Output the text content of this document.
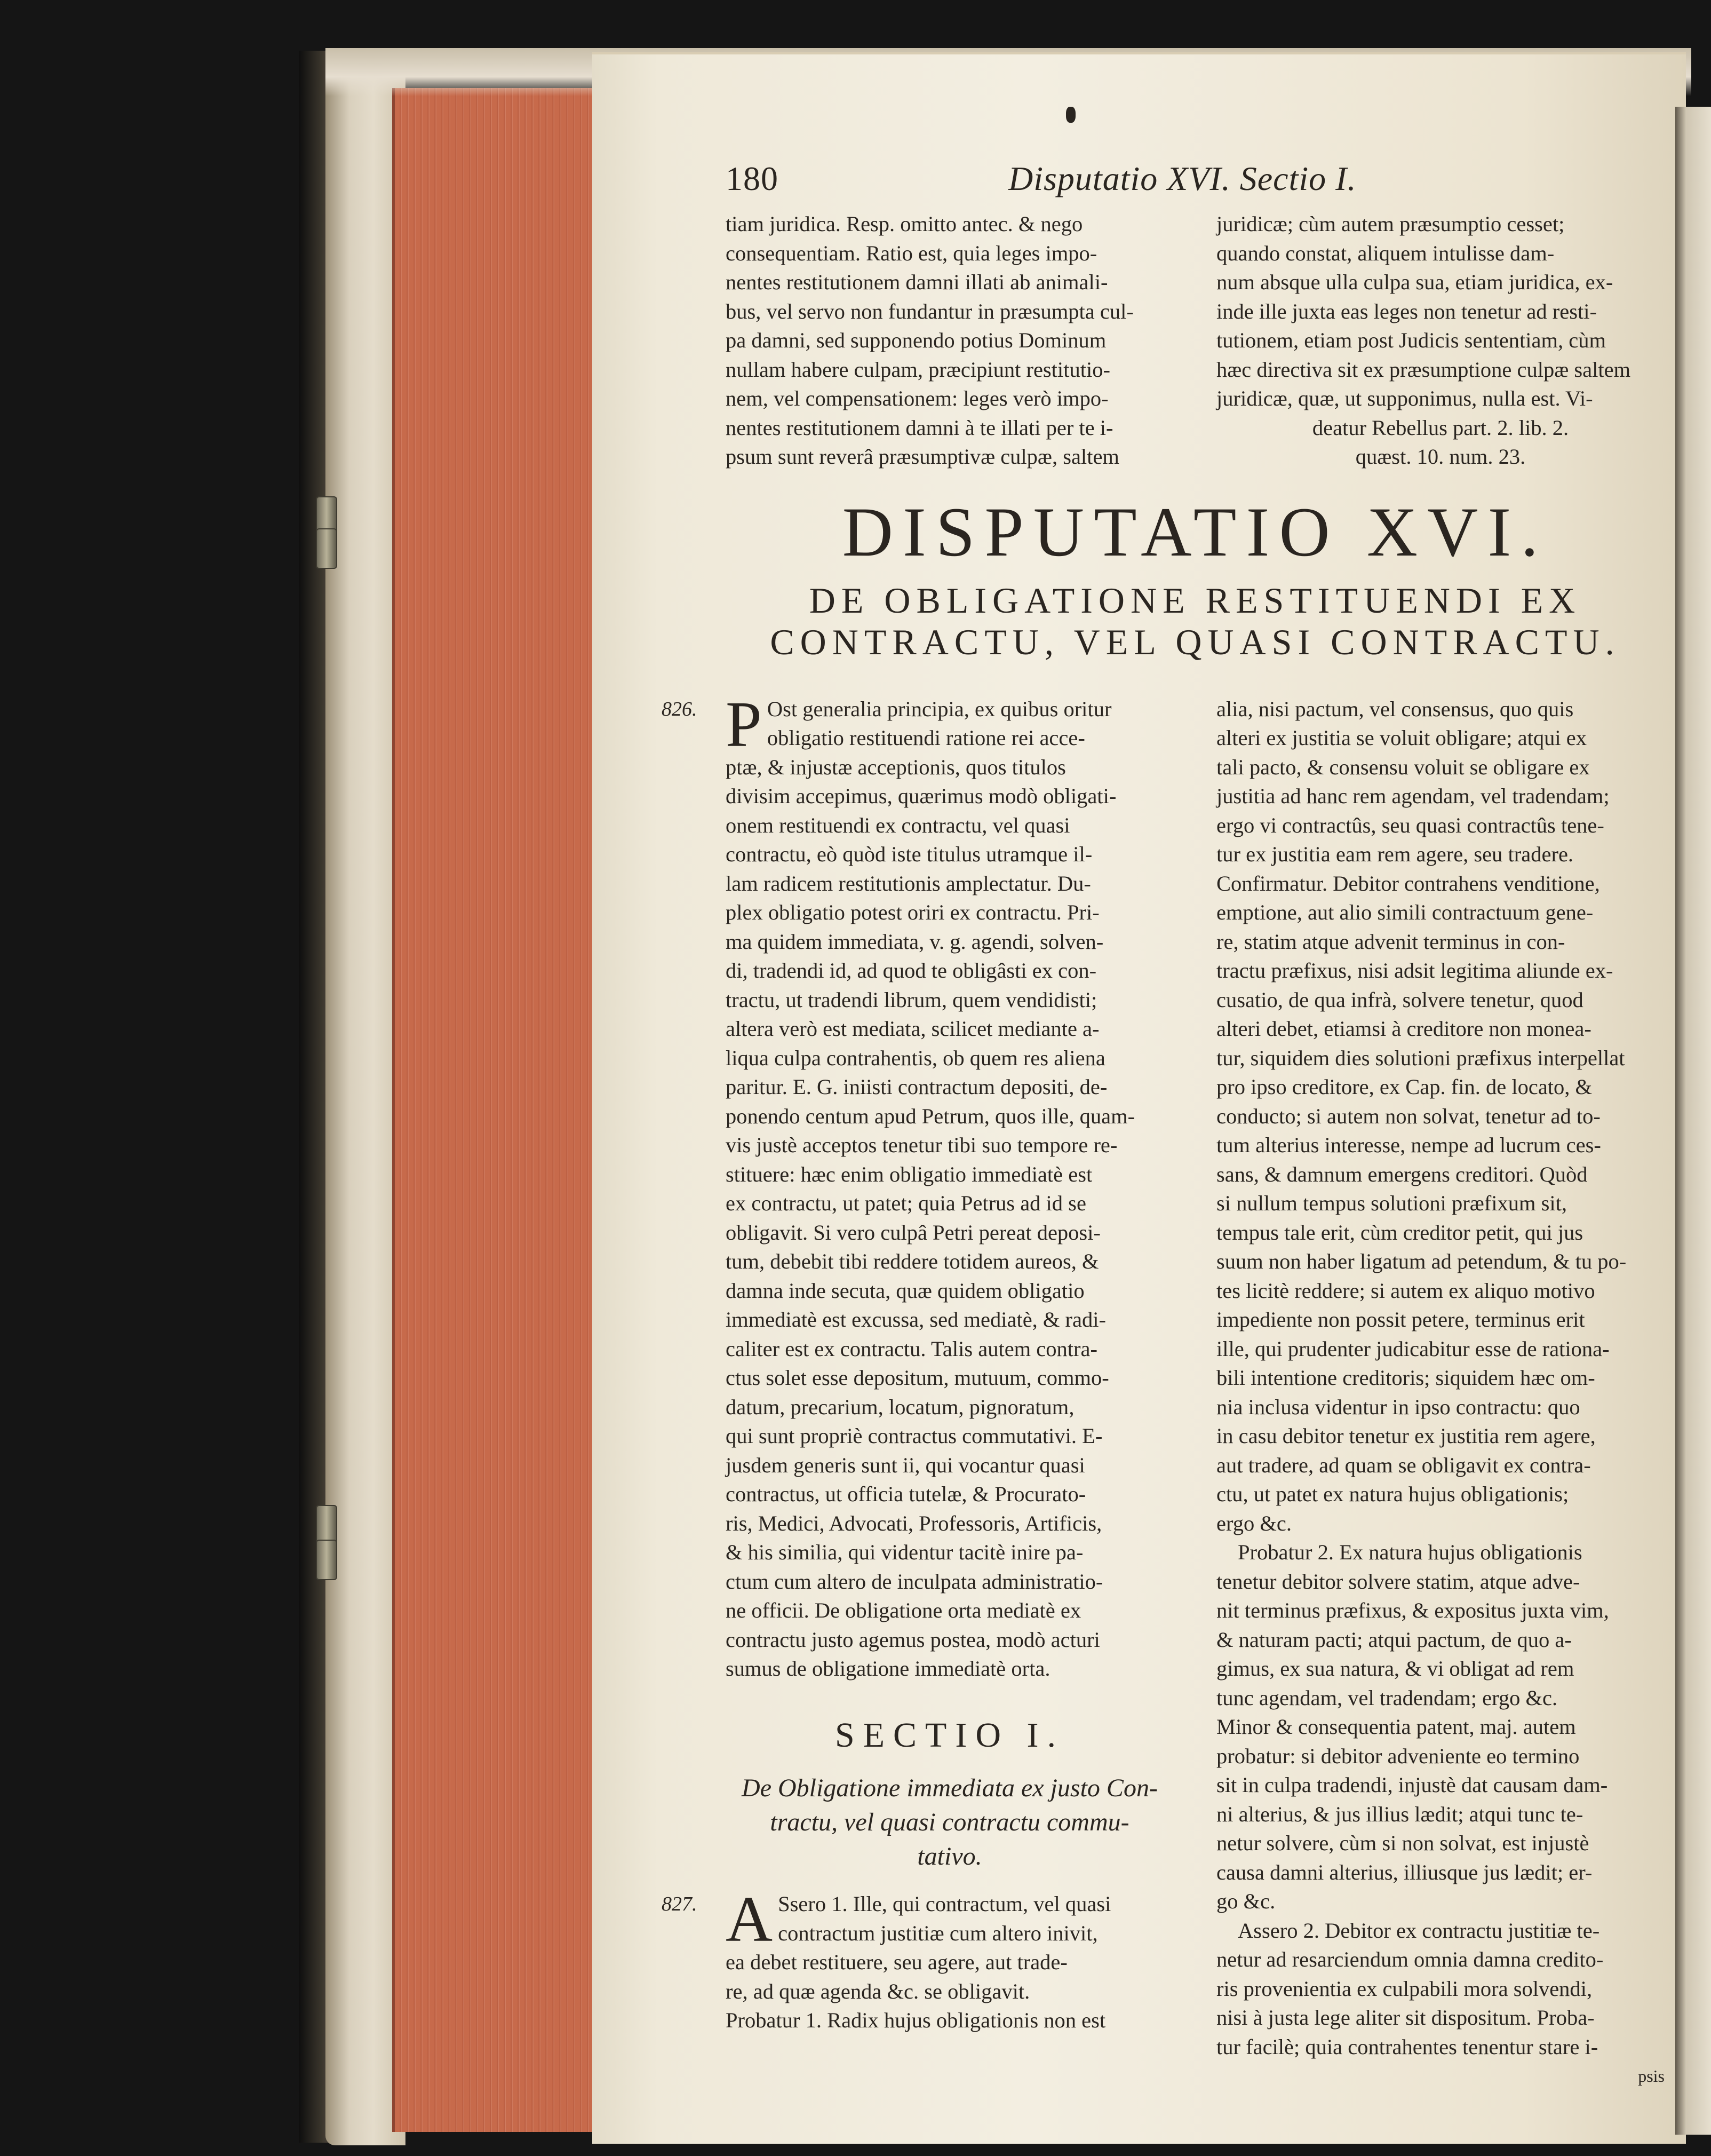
180	Disputatio XVI. Sectio I.
tiam juridica. Resp. omitto antec. & nego
consequentiam. Ratio est, quia leges impo-
nentes restitutionem damni illati ab animali-
bus, vel servo non fundantur in præsumpta cul-
pa damni, sed supponendo potius Dominum
nullam habere culpam, præcipiunt restitutio-
nem, vel compensationem: leges verò impo-
nentes restitutionem damni à te illati per te i-
psum sunt reverâ præsumptivæ culpæ, saltem
juridicæ; cùm autem præsumptio cesset;
quando constat, aliquem intulisse dam-
num absque ulla culpa sua, etiam juridica, ex-
inde ille juxta eas leges non tenetur ad resti-
tutionem, etiam post Judicis sententiam, cùm
hæc directiva sit ex præsumptione culpæ saltem
juridicæ, quæ, ut supponimus, nulla est. Vi-
deatur Rebellus part. 2. lib. 2.
quæst. 10. num. 23.
DISPUTATIO XVI.

DE OBLIGATIONE RESTITUENDI EX

CONTRACTU, VEL QUASI CONTRACTU.

826. P Ost generalia principia, ex quibus oritur
obligatio restituendi ratione rei acce-
ptæ, & injustæ acceptionis, quos titulos
divisim accepimus, quærimus modò obligati-
onem restituendi ex contractu, vel quasi
contractu, eò quòd iste titulus utramque il-
lam radicem restitutionis amplectatur. Du-
plex obligatio potest oriri ex contractu. Pri-
ma quidem immediata, v. g. agendi, solven-
di, tradendi id, ad quod te obligâsti ex con-
tractu, ut tradendi librum, quem vendidisti;
altera verò est mediata, scilicet mediante a-
liqua culpa contrahentis, ob quem res aliena
paritur. E. G. iniisti contractum depositi, de-
ponendo centum apud Petrum, quos ille, quam-
vis justè acceptos tenetur tibi suo tempore re-
stituere: hæc enim obligatio immediatè est
ex contractu, ut patet; quia Petrus ad id se
obligavit. Si vero culpâ Petri pereat deposi-
tum, debebit tibi reddere totidem aureos, &
damna inde secuta, quæ quidem obligatio
immediatè est excussa, sed mediatè, & radi-
caliter est ex contractu. Talis autem contra-
ctus solet esse depositum, mutuum, commo-
datum, precarium, locatum, pignoratum,
qui sunt propriè contractus commutativi. E-
jusdem generis sunt ii, qui vocantur quasi
contractus, ut officia tutelæ, & Procurato-
ris, Medici, Advocati, Professoris, Artificis,
& his similia, qui videntur tacitè inire pa-
ctum cum altero de inculpata administratio-
ne officii. De obligatione orta mediatè ex
contractu justo agemus postea, modò acturi
sumus de obligatione immediatè orta.
SECTIO I.
De Obligatione immediata ex justo Con-
tractu, vel quasi contractu commu-
tativo.
827. A Ssero 1. Ille, qui contractum, vel quasi
contractum justitiæ cum altero inivit,
ea debet restituere, seu agere, aut trade-
re, ad quæ agenda &c. se obligavit.
Probatur 1. Radix hujus obligationis non est
alia, nisi pactum, vel consensus, quo quis
alteri ex justitia se voluit obligare; atqui ex
tali pacto, & consensu voluit se obligare ex
justitia ad hanc rem agendam, vel tradendam;
ergo vi contractûs, seu quasi contractûs tene-
tur ex justitia eam rem agere, seu tradere.
Confirmatur. Debitor contrahens venditione,
emptione, aut alio simili contractuum gene-
re, statim atque advenit terminus in con-
tractu præfixus, nisi adsit legitima aliunde ex-
cusatio, de qua infrà, solvere tenetur, quod
alteri debet, etiamsi à creditore non monea-
tur, siquidem dies solutioni præfixus interpellat
pro ipso creditore, ex Cap. fin. de locato, &
conducto; si autem non solvat, tenetur ad to-
tum alterius interesse, nempe ad lucrum ces-
sans, & damnum emergens creditori. Quòd
si nullum tempus solutioni præfixum sit,
tempus tale erit, cùm creditor petit, qui jus
suum non haber ligatum ad petendum, & tu po-
tes licitè reddere; si autem ex aliquo motivo
impediente non possit petere, terminus erit
ille, qui prudenter judicabitur esse de rationa-
bili intentione creditoris; siquidem hæc om-
nia inclusa videntur in ipso contractu: quo
in casu debitor tenetur ex justitia rem agere,
aut tradere, ad quam se obligavit ex contra-
ctu, ut patet ex natura hujus obligationis;
ergo &c.
Probatur 2. Ex natura hujus obligationis
tenetur debitor solvere statim, atque adve-
nit terminus præfixus, & expositus juxta vim,
& naturam pacti; atqui pactum, de quo a-
gimus, ex sua natura, & vi obligat ad rem
tunc agendam, vel tradendam; ergo &c.
Minor & consequentia patent, maj. autem
probatur: si debitor adveniente eo termino
sit in culpa tradendi, injustè dat causam dam-
ni alterius, & jus illius lædit; atqui tunc te-
netur solvere, cùm si non solvat, est injustè
causa damni alterius, illiusque jus lædit; er-
go &c.
Assero 2. Debitor ex contractu justitiæ te-
netur ad resarciendum omnia damna credito-
ris provenientia ex culpabili mora solvendi,
nisi à justa lege aliter sit dispositum. Proba-
tur facilè; quia contrahentes tenentur stare i-
psis
